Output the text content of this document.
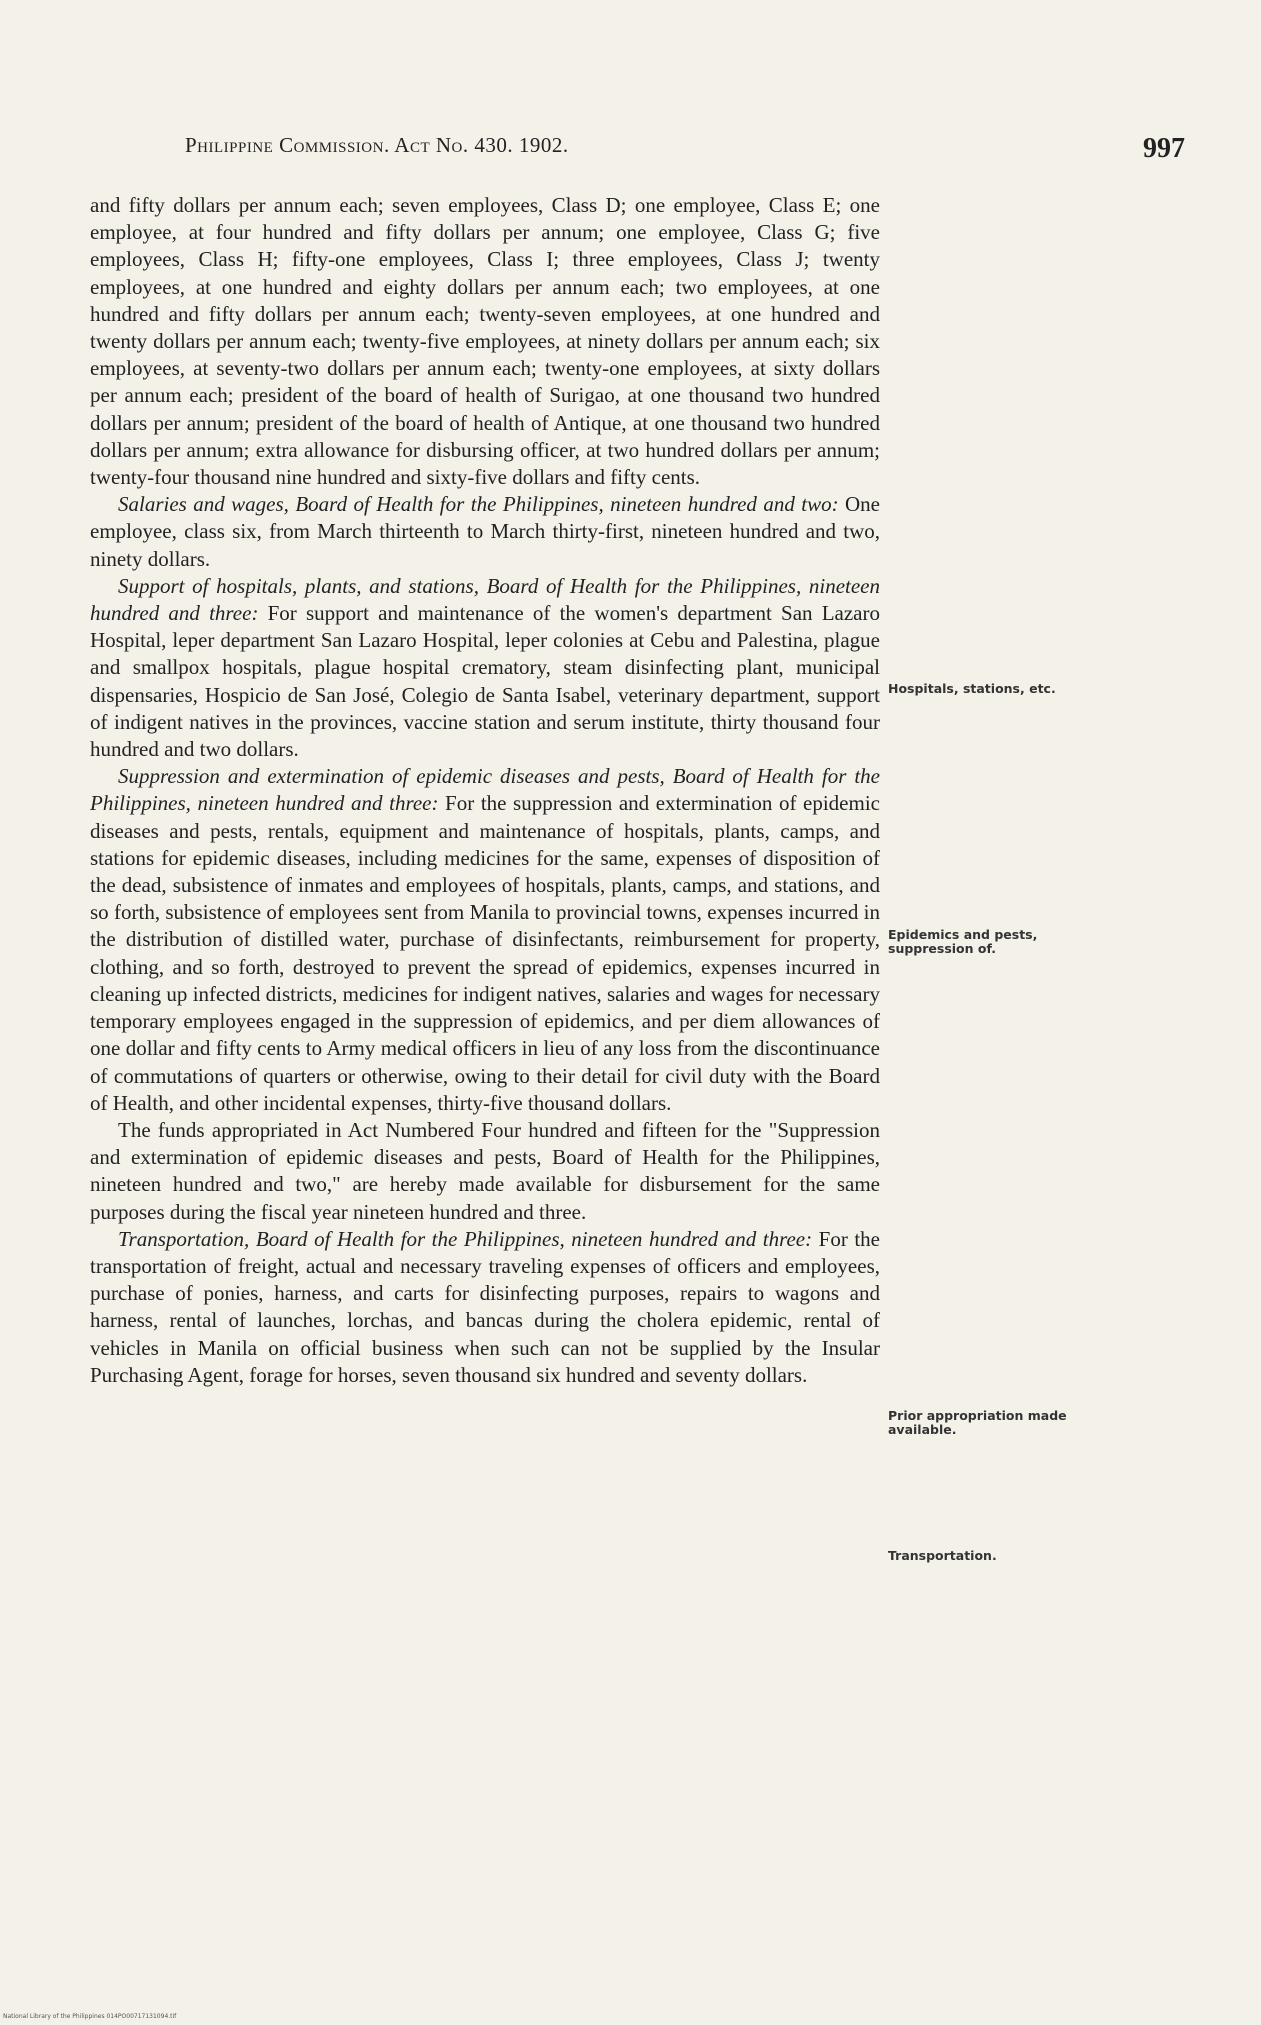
Philippine Commission. Act No. 430. 1902.	997

and fifty dollars per annum each; seven employees, Class D; one employee, Class E; one employee, at four hundred and fifty dollars per annum; one employee, Class G; five employees, Class H; fifty-one employees, Class I; three employees, Class J; twenty employees, at one hundred and eighty dollars per annum each; two employees, at one hundred and fifty dollars per annum each; twenty-seven employees, at one hundred and twenty dollars per annum each; twenty-five employees, at ninety dollars per annum each; six employees, at seventy-two dollars per annum each; twenty-one employees, at sixty dollars per annum each; president of the board of health of Surigao, at one thousand two hundred dollars per annum; president of the board of health of Antique, at one thousand two hundred dollars per annum; extra allowance for disbursing officer, at two hundred dollars per annum; twenty-four thousand nine hundred and sixty-five dollars and fifty cents.

Salaries and wages, Board of Health for the Philippines, nineteen hundred and two: One employee, class six, from March thirteenth to March thirty-first, nineteen hundred and two, ninety dollars.

Support of hospitals, plants, and stations, Board of Health for the Philippines, nineteen hundred and three: For support and maintenance of the women's department San Lazaro Hospital, leper department San Lazaro Hospital, leper colonies at Cebu and Palestina, plague and smallpox hospitals, plague hospital crematory, steam disinfecting plant, municipal dispensaries, Hospicio de San José, Colegio de Santa Isabel, veterinary department, support of indigent natives in the provinces, vaccine station and serum institute, thirty thousand four hundred and two dollars.

Suppression and extermination of epidemic diseases and pests, Board of Health for the Philippines, nineteen hundred and three: For the suppression and extermination of epidemic diseases and pests, rentals, equipment and maintenance of hospitals, plants, camps, and stations for epidemic diseases, including medicines for the same, expenses of disposition of the dead, subsistence of inmates and employees of hospitals, plants, camps, and stations, and so forth, subsistence of employees sent from Manila to provincial towns, expenses incurred in the distribution of distilled water, purchase of disinfectants, reimbursement for property, clothing, and so forth, destroyed to prevent the spread of epidemics, expenses incurred in cleaning up infected districts, medicines for indigent natives, salaries and wages for necessary temporary employees engaged in the suppression of epidemics, and per diem allowances of one dollar and fifty cents to Army medical officers in lieu of any loss from the discontinuance of commutations of quarters or otherwise, owing to their detail for civil duty with the Board of Health, and other incidental expenses, thirty-five thousand dollars.

The funds appropriated in Act Numbered Four hundred and fifteen for the "Suppression and extermination of epidemic diseases and pests, Board of Health for the Philippines, nineteen hundred and two," are hereby made available for disbursement for the same purposes during the fiscal year nineteen hundred and three.

Transportation, Board of Health for the Philippines, nineteen hundred and three: For the transportation of freight, actual and necessary traveling expenses of officers and employees, purchase of ponies, harness, and carts for disinfecting purposes, repairs to wagons and harness, rental of launches, lorchas, and bancas during the cholera epidemic, rental of vehicles in Manila on official business when such can not be supplied by the Insular Purchasing Agent, forage for horses, seven thousand six hundred and seventy dollars.

Hospitals, stations, etc.
Epidemics and pests, suppression of.
Prior appropriation made available.
Transportation.
National Library of the Philippines 014PO00717131094.tif
